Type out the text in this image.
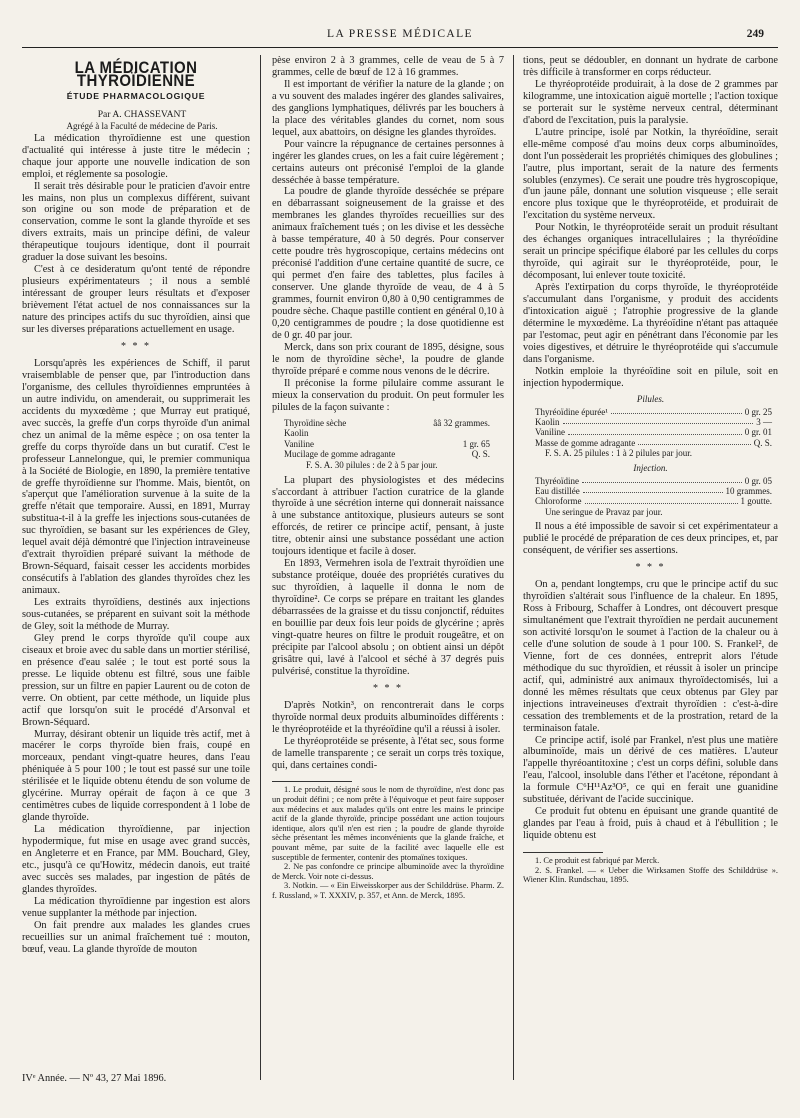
LA PRESSE MÉDICALE	249
LA MÉDICATION THYROÏDIENNE
ÉTUDE PHARMACOLOGIQUE

Par A. CHASSEVANT

Agrégé à la Faculté de médecine de Paris.

La médication thyroïdienne est une question d'actualité qui intéresse à juste titre le médecin ; chaque jour apporte une nouvelle indication de son emploi, et réglemente sa posologie.

Il serait très désirable pour le praticien d'avoir entre les mains, non plus un complexus différent, suivant son origine ou son mode de préparation et de conservation, comme le sont la glande thyroïde et ses divers extraits, mais un principe défini, de valeur thérapeutique toujours identique, dont il pourrait graduer la dose suivant les besoins.

C'est à ce desideratum qu'ont tenté de répondre plusieurs expérimentateurs ; il nous a semblé intéressant de grouper leurs résultats et d'exposer brièvement l'état actuel de nos connaissances sur la nature des principes actifs du suc thyroïdien, ainsi que sur les diverses préparations actuellement en usage.

* * *

Lorsqu'après les expériences de Schiff, il parut vraisemblable de penser que, par l'introduction dans l'organisme, des cellules thyroïdiennes empruntées à un autre individu, on amenderait, ou supprimerait les accidents du myxœdème ; que Murray eut pratiqué, avec succès, la greffe d'un corps thyroïde d'un animal chez un animal de la même espèce ; on osa tenter la greffe du corps thyroïde dans un but curatif. C'est le professeur Lannelongue, qui, le premier communiqua à la Société de Biologie, en 1890, la première tentative de greffe thyroïdienne sur l'homme. Mais, bientôt, on s'aperçut que l'amélioration survenue à la suite de la greffe n'était que temporaire. Aussi, en 1891, Murray substitua-t-il à la greffe les injections sous-cutanées de suc thyroïdien, se basant sur les expériences de Gley, lequel avait déjà démontré que l'injection intraveineuse d'extrait thyroïdien préparé suivant la méthode de Brown-Séquard, faisait cesser les accidents morbides consécutifs à l'ablation des glandes thyroïdes chez les animaux.

Les extraits thyroïdiens, destinés aux injections sous-cutanées, se préparent en suivant soit la méthode de Gley, soit la méthode de Murray.

Gley prend le corps thyroïde qu'il coupe aux ciseaux et broie avec du sable dans un mortier stérilisé, en présence d'eau salée ; le tout est porté sous la presse. Le liquide obtenu est filtré, sous une faible pression, sur un filtre en papier Laurent ou de coton de verre. On obtient, par cette méthode, un liquide plus actif que lorsqu'on suit le procédé d'Arsonval et Brown-Séquard.

Murray, désirant obtenir un liquide très actif, met à macérer le corps thyroïde bien frais, coupé en morceaux, pendant vingt-quatre heures, dans l'eau phéniquée à 5 pour 100 ; le tout est passé sur une toile stérilisée et le liquide obtenu étendu de son volume de glycérine. Murray opérait de façon à ce que 3 centimètres cubes de liquide correspondent à 1 lobe de glande thyroïde.

La médication thyroïdienne, par injection hypodermique, fut mise en usage avec grand succès, en Angleterre et en France, par MM. Bouchard, Gley, etc., jusqu'à ce qu'Howitz, médecin danois, eut traité avec succès ses malades, par ingestion de pâtés de glandes thyroïdes.

La médication thyroïdienne par ingestion est alors venue supplanter la méthode par injection.

On fait prendre aux malades les glandes crues recueillies sur un animal fraîchement tué : mouton, bœuf, veau. La glande thyroïde de mouton

pèse environ 2 à 3 grammes, celle de veau de 5 à 7 grammes, celle de bœuf de 12 à 16 grammes.

Il est important de vérifier la nature de la glande ; on a vu souvent des malades ingérer des glandes salivaires, des ganglions lymphatiques, délivrés par les bouchers à la place des véritables glandes du cornet, nom sous lequel, aux abattoirs, on désigne les glandes thyroïdes.

Pour vaincre la répugnance de certaines personnes à ingérer les glandes crues, on les a fait cuire légèrement ; certains auteurs ont préconisé l'emploi de la glande desséchée à basse température.

La poudre de glande thyroïde desséchée se prépare en débarrassant soigneusement de la graisse et des membranes les glandes thyroïdes recueillies sur des animaux fraîchement tués ; on les divise et les dessèche à basse température, 40 à 50 degrés. Pour conserver cette poudre très hygroscopique, certains médecins ont préconisé l'addition d'une certaine quantité de sucre, ce qui permet d'en faire des tablettes, plus faciles à conserver. Une glande thyroïde de veau, de 4 à 5 grammes, fournit environ 0,80 à 0,90 centigrammes de poudre sèche. Chaque pastille contient en général 0,10 à 0,20 centigrammes de poudre ; la dose quotidienne est de 0 gr. 40 par jour.

Merck, dans son prix courant de 1895, désigne, sous le nom de thyroïdine sèche¹, la poudre de glande thyroïde préparé e comme nous venons de le décrire.

Il préconise la forme pilulaire comme assurant le mieux la conservation du produit. On peut formuler les pilules de la façon suivante :

Thyroïdine sèche	ââ 32 grammes.
Kaolin
Vaniline	1 gr. 65
Mucilage de gomme adragante	Q. S.
F. S. A. 30 pilules : de 2 à 5 par jour.

La plupart des physiologistes et des médecins s'accordant à attribuer l'action curatrice de la glande thyroïde à une sécrétion interne qui donnerait naissance à une substance antitoxique, plusieurs auteurs se sont efforcés, de retirer ce principe actif, pensant, à juste titre, obtenir ainsi une substance possédant une action toujours identique et facile à doser.

En 1893, Vermehren isola de l'extrait thyroïdien une substance protéique, douée des propriétés curatives du suc thyroïdien, à laquelle il donna le nom de thyroïdine². Ce corps se prépare en traitant les glandes débarrassées de la graisse et du tissu conjonctif, réduites en bouillie par deux fois leur poids de glycérine ; après vingt-quatre heures on filtre le produit rougeâtre, et on précipite par l'alcool absolu ; on obtient ainsi un dépôt grisâtre qui, lavé à l'alcool et séché à 37 degrés puis pulvérisé, constitue la thyroïdine.

* * *

D'après Notkin³, on rencontrerait dans le corps thyroïde normal deux produits albuminoïdes différents : le thyréoprotéide et la thyréoïdine qu'il a réussi à isoler.

Le thyréoprotéide se présente, à l'état sec, sous forme de lamelle transparente ; ce serait un corps très toxique, qui, dans certaines condi-

1. Le produit, désigné sous le nom de thyroïdine, n'est donc pas un produit défini ; ce nom prête à l'équivoque et peut faire supposer aux médecins et aux malades qu'ils ont entre les mains le principe actif de la glande thyroïde, principe possédant une action toujours identique, alors qu'il n'en est rien ; la poudre de glande thyroïde sèche présentant les mêmes inconvénients que la glande fraîche, et pouvant même, par suite de la facilité avec laquelle elle est susceptible de fermenter, contenir des ptomaïnes toxiques.

2. Ne pas confondre ce principe albuminoïde avec la thyroïdine de Merck. Voir note ci-dessus.

3. Notkin. — « Ein Eiweisskorper aus der Schilddrüse. Pharm. Z. f. Russland, » T. XXXIV, p. 357, et Ann. de Merck, 1895.

tions, peut se dédoubler, en donnant un hydrate de carbone très difficile à transformer en corps réducteur.

Le thyréoprotéide produirait, à la dose de 2 grammes par kilogramme, une intoxication aiguë mortelle ; l'action toxique se porterait sur le système nerveux central, déterminant d'abord de l'excitation, puis la paralysie.

L'autre principe, isolé par Notkin, la thyréoïdine, serait elle-même composé d'au moins deux corps albuminoïdes, dont l'un possèderait les propriétés chimiques des globulines ; l'autre, plus important, serait de la nature des ferments solubles (enzymes). Ce serait une poudre très hygroscopique, d'un jaune pâle, donnant une solution visqueuse ; elle serait encore plus toxique que le thyréoprotéide, et produirait de l'excitation du système nerveux.

Pour Notkin, le thyréoprotéide serait un produit résultant des échanges organiques intracellulaires ; la thyréoïdine serait un principe spécifique élaboré par les cellules du corps thyroïde, qui agirait sur le thyréoprotéide, pour, le décomposant, lui enlever toute toxicité.

Après l'extirpation du corps thyroïde, le thyréoprotéide s'accumulant dans l'organisme, y produit des accidents d'intoxication aiguë ; l'atrophie progressive de la glande détermine le myxœdème. La thyréoïdine n'étant pas attaquée par l'estomac, peut agir en pénétrant dans l'économie par les voies digestives, et détruire le thyréoprotéide qui s'accumule dans l'organisme.

Notkin emploie la thyréoïdine soit en pilule, soit en injection hypodermique.

Pilules.
Thyréoïdine épurée¹	0 gr. 25
Kaolin	3 —
Vaniline	0 gr. 01
Masse de gomme adragante	Q. S.
F. S. A. 25 pilules : 1 à 2 pilules par jour.
Injection.
Thyréoïdine	0 gr. 05
Eau distillée	10 grammes.
Chloroforme	1 goutte.
Une seringue de Pravaz par jour.

Il nous a été impossible de savoir si cet expérimentateur a publié le procédé de préparation de ces deux principes, et, par conséquent, de vérifier ses assertions.

* * *

On a, pendant longtemps, cru que le principe actif du suc thyroïdien s'altérait sous l'influence de la chaleur. En 1895, Ross à Fribourg, Schaffer à Londres, ont découvert presque simultanément que l'extrait thyroïdien ne perdait aucunement son activité lorsqu'on le soumet à l'action de la chaleur ou à celle d'une solution de soude à 1 pour 100. S. Frankel², de Vienne, fort de ces données, entreprit alors l'étude méthodique du suc thyroïdien, et réussit à isoler un principe actif, qui, administré aux animaux thyroïdectomisés, lui a donné les mêmes résultats que ceux obtenus par Gley par injections intraveineuses d'extrait thyroïdien : c'est-à-dire cessation des tremblements et de la prostration, retard de la terminaison fatale.

Ce principe actif, isolé par Frankel, n'est plus une matière albuminoïde, mais un dérivé de ces matières. L'auteur l'appelle thyréoantitoxine ; c'est un corps défini, soluble dans l'eau, l'alcool, insoluble dans l'éther et l'acétone, répondant à la formule C⁶H¹¹Az³O⁵, ce qui en ferait une guanidine substituée, dérivant de l'acide succinique.

Ce produit fut obtenu en épuisant une grande quantité de glandes par l'eau à froid, puis à chaud et à l'ébullition ; le liquide obtenu est

1. Ce produit est fabriqué par Merck.

2. S. Frankel. — « Ueber die Wirksamen Stoffe des Schilddrüse ». Wiener Klin. Rundschau, 1895.

IVᵉ Année. — Nº 43, 27 Mai 1896.
